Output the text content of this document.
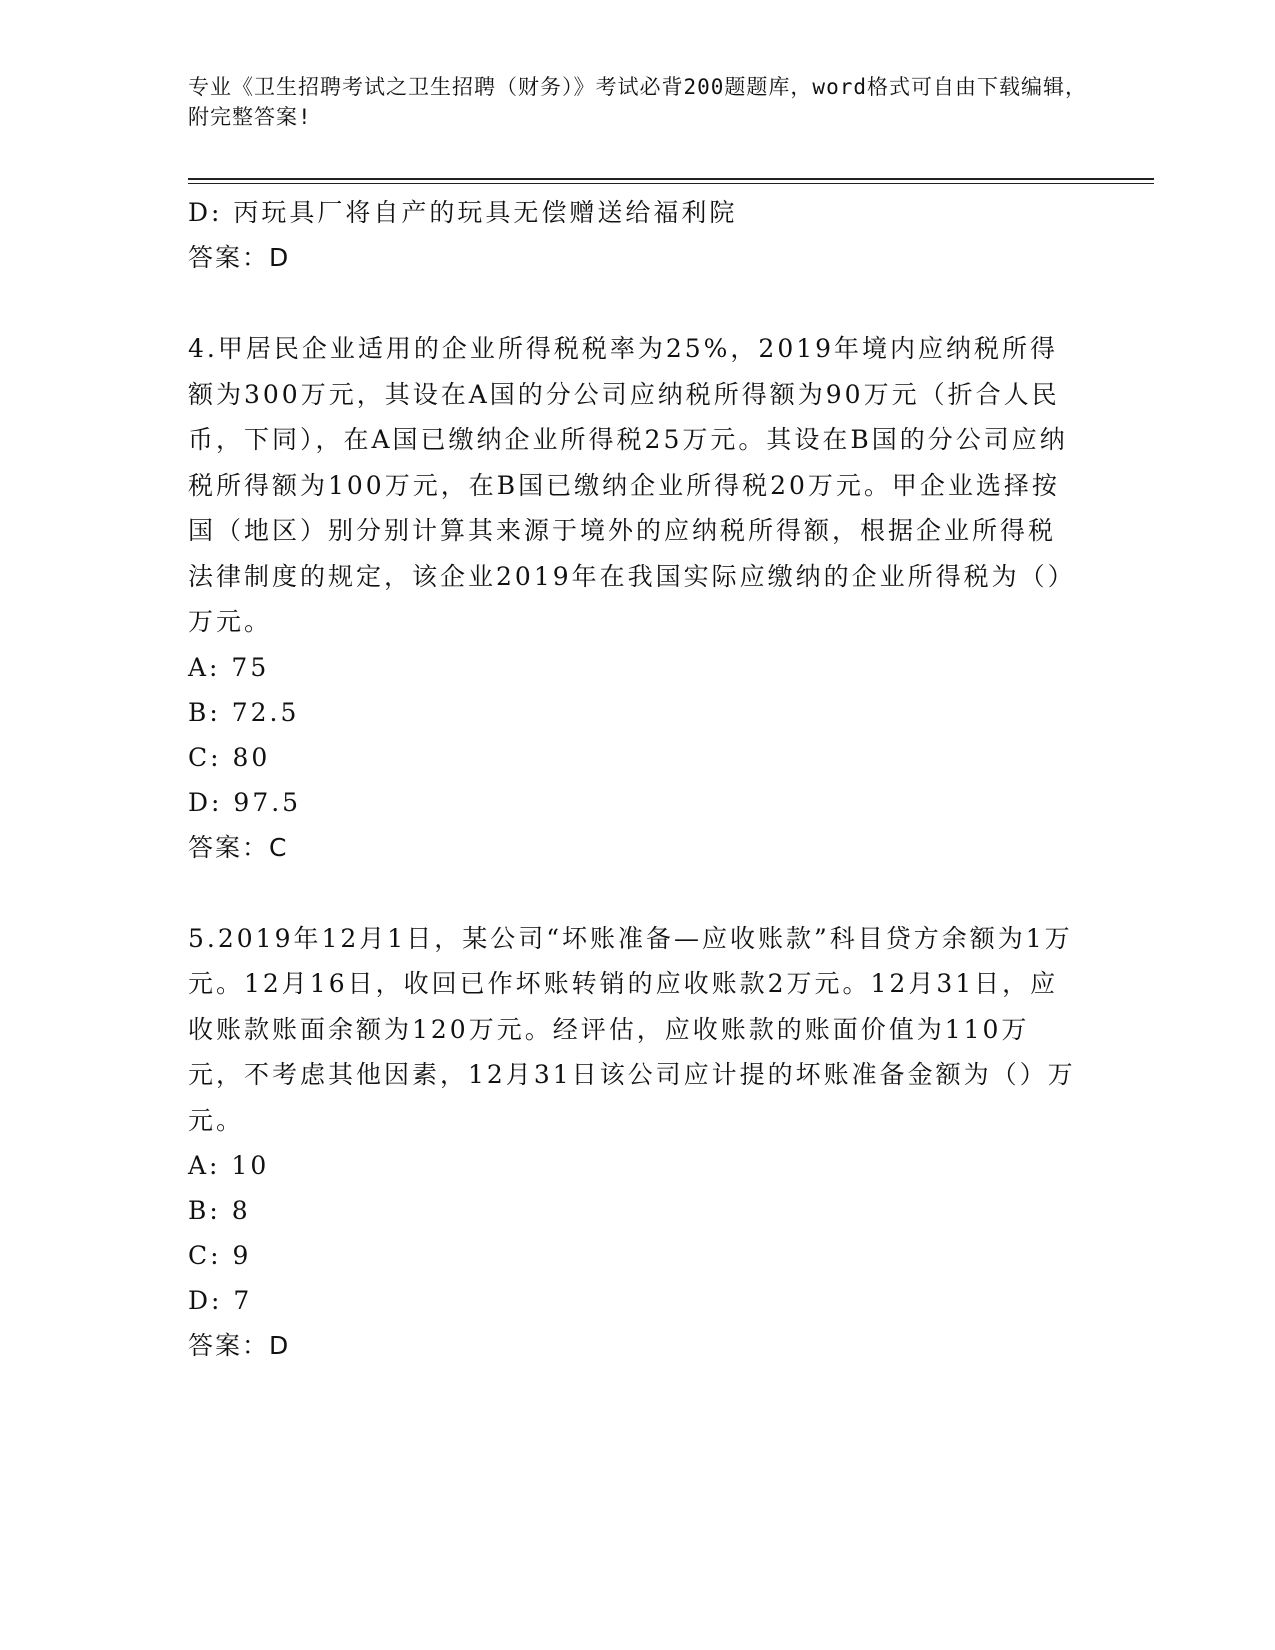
专业《卫生招聘考试之卫生招聘（财务）》考试必背200题题库，word格式可自由下载编辑，附完整答案!
D: 丙玩具厂将自产的玩具无偿赠送给福利院
答案：D

4.甲居民企业适用的企业所得税税率为25%，2019年境内应纳税所得额为300万元，其设在A国的分公司应纳税所得额为90万元（折合人民币，下同），在A国已缴纳企业所得税25万元。其设在B国的分公司应纳税所得额为100万元，在B国已缴纳企业所得税20万元。甲企业选择按国（地区）别分别计算其来源于境外的应纳税所得额，根据企业所得税法律制度的规定，该企业2019年在我国实际应缴纳的企业所得税为（）万元。

A: 75
B: 72.5
C: 80
D: 97.5
答案：C

5.2019年12月1日，某公司“坏账准备—应收账款”科目贷方余额为1万元。12月16日，收回已作坏账转销的应收账款2万元。12月31日，应收账款账面余额为120万元。经评估，应收账款的账面价值为110万元，不考虑其他因素，12月31日该公司应计提的坏账准备金额为（）万元。

A: 10
B: 8
C: 9
D: 7
答案：D
